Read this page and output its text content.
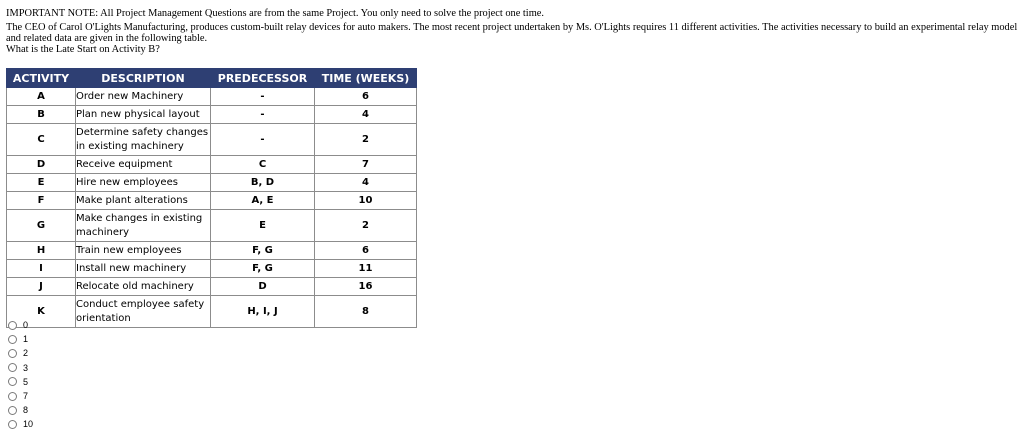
IMPORTANT NOTE: All Project Management Questions are from the same Project. You only need to solve the project one time.

The CEO of Carol O'Lights Manufacturing, produces custom-built relay devices for auto makers. The most recent project undertaken by Ms. O'Lights requires 11 different activities. The activities necessary to build an experimental relay model and related data are given in the following table.

What is the Late Start on Activity B?

ACTIVITY	DESCRIPTION	PREDECESSOR	TIME (WEEKS)
A	Order new Machinery	-	6
B	Plan new physical layout	-	4
C	Determine safety changes in existing machinery	-	2
D	Receive equipment	C	7
E	Hire new employees	B, D	4
F	Make plant alterations	A, E	10
G	Make changes in existing machinery	E	2
H	Train new employees	F, G	6
I	Install new machinery	F, G	11
J	Relocate old machinery	D	16
K	Conduct employee safety orientation	H, I, J	8
0
1
2
3
5
7
8
10
